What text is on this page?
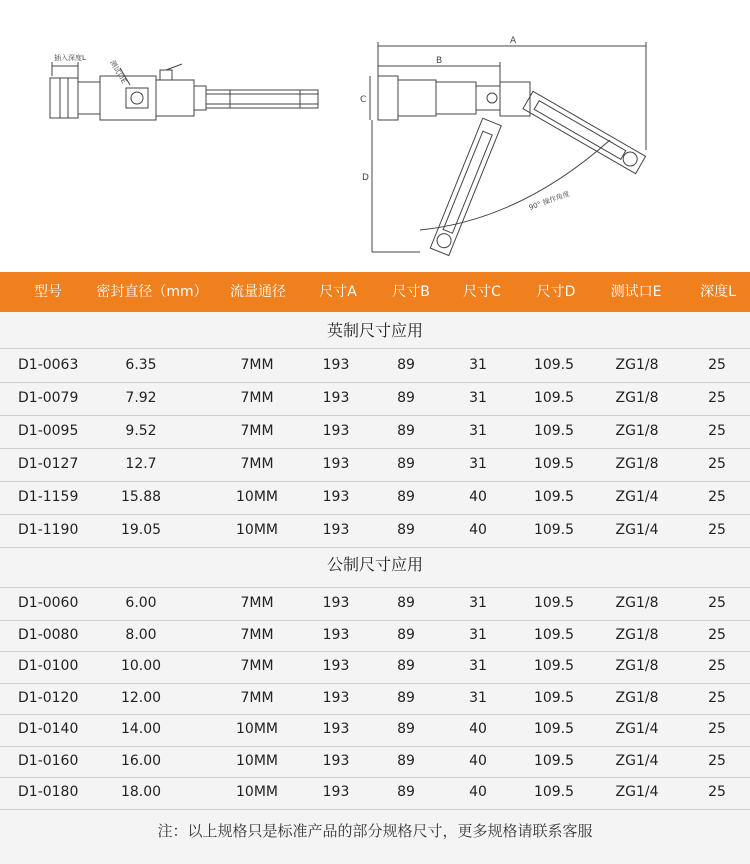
插入深度L
测试口E
A
B
C
D
90° 操作角度
型号 密封直径（mm） 流量通径 尺寸A	尺寸B 尺寸C	尺寸D	测试口E	深度L
英制尺寸应用
D1-0063	6.35	7MM	193	89	31	109.5	ZG1/8	25
D1-0079	7.92	7MM	193	89	31	109.5	ZG1/8	25
D1-0095	9.52	7MM	193	89	31	109.5	ZG1/8	25
D1-0127	12.7	7MM	193	89	31	109.5	ZG1/8	25
D1-1159	15.88	10MM	193	89	40	109.5	ZG1/4	25
D1-1190	19.05	10MM	193	89	40	109.5	ZG1/4	25
公制尺寸应用
D1-0060	6.00	7MM	193	89	31	109.5	ZG1/8	25
D1-0080	8.00	7MM	193	89	31	109.5	ZG1/8	25
D1-0100	10.00	7MM	193	89	31	109.5	ZG1/8	25
D1-0120	12.00	7MM	193	89	31	109.5	ZG1/8	25
D1-0140	14.00	10MM	193	89	40	109.5	ZG1/4	25
D1-0160	16.00	10MM	193	89	40	109.5	ZG1/4	25
D1-0180	18.00	10MM	193	89	40	109.5	ZG1/4	25
注：以上规格只是标准产品的部分规格尺寸，更多规格请联系客服
